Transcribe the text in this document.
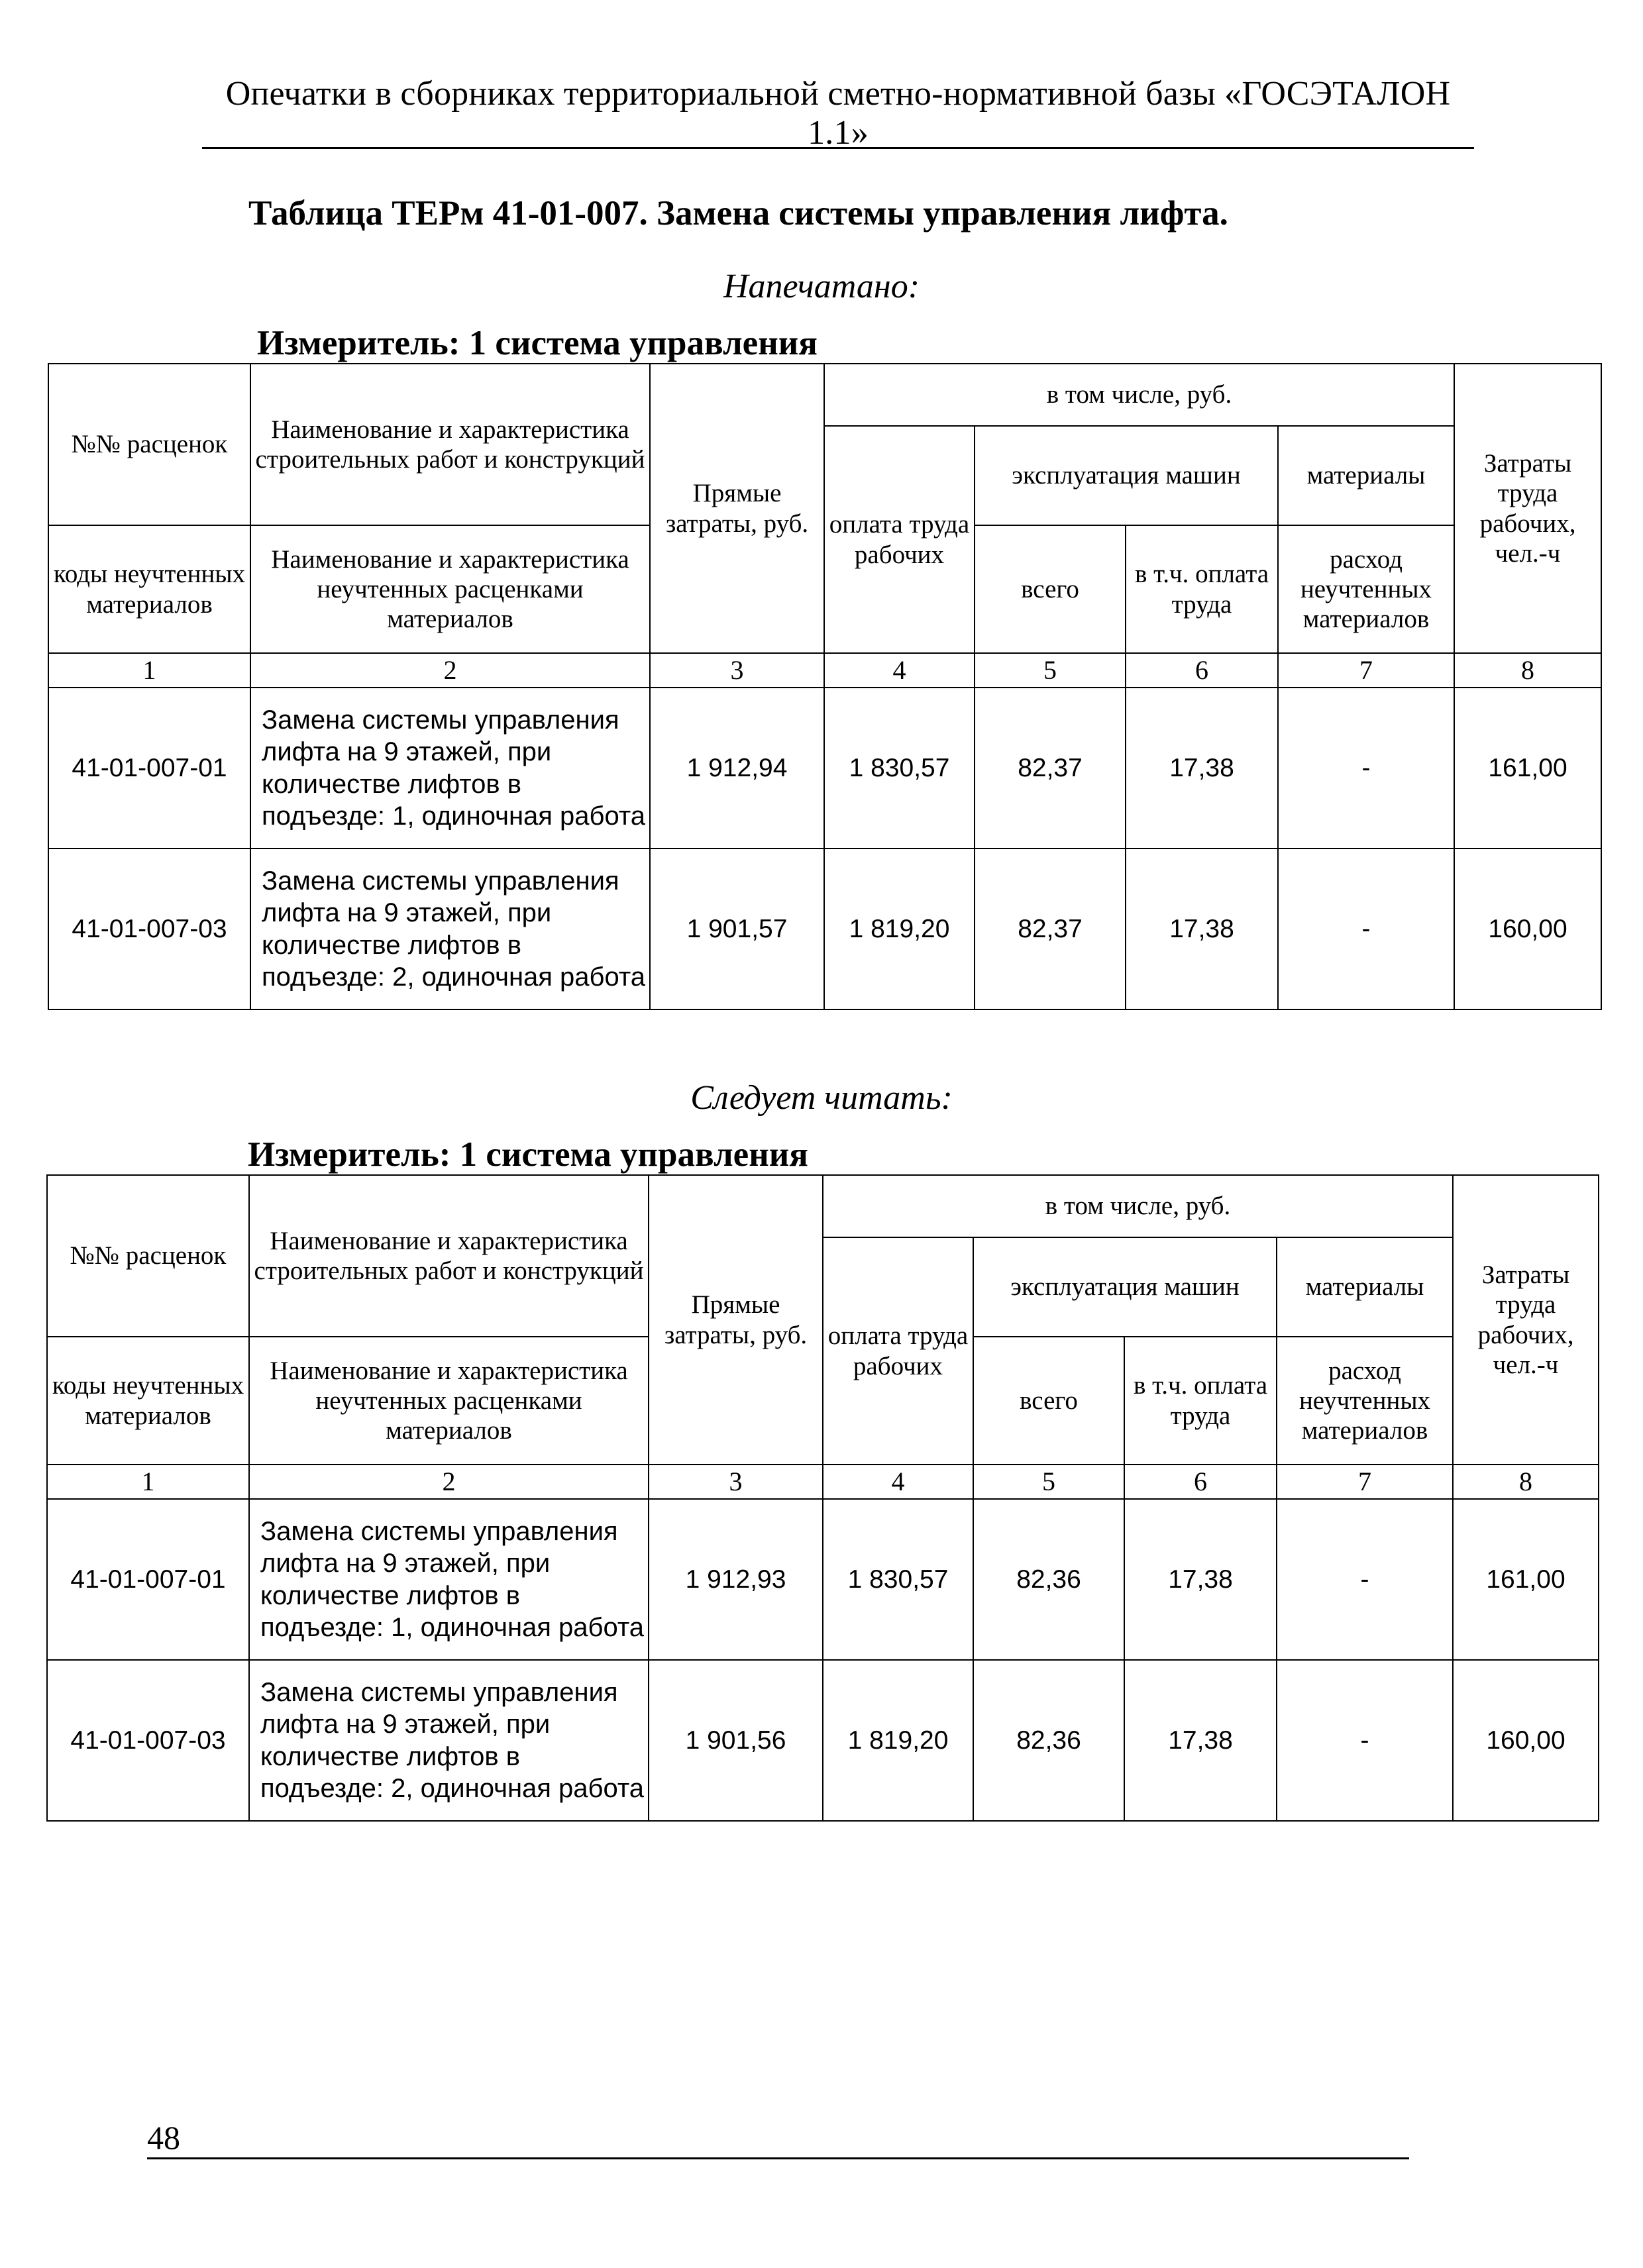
Опечатки в сборниках территориальной сметно-нормативной базы «ГОСЭТАЛОН 1.1»
Таблица ТЕРм 41-01-007. Замена системы управления лифта.
Напечатано:
Измеритель: 1 система управления
№№ расценок	Наименование и характеристика строительных работ и конструкций	Прямые затраты, руб.	в том числе, руб.				Затраты труда рабочих, чел.-ч
			оплата труда рабочих	эксплуатация машин		материалы	
коды неучтенных материалов	Наименование и характеристика неучтенных расценками материалов			всего	в т.ч. оплата труда	расход неучтенных материалов	
1	2	3	4	5	6	7	8
41-01-007-01	Замена системы управления лифта на 9 этажей, при количестве лифтов в подъезде: 1, одиночная работа	1 912,94	1 830,57	82,37	17,38	-	161,00
41-01-007-03	Замена системы управления лифта на 9 этажей, при количестве лифтов в подъезде: 2, одиночная работа	1 901,57	1 819,20	82,37	17,38	-	160,00
Следует читать:
Измеритель: 1 система управления
№№ расценок	Наименование и характеристика строительных работ и конструкций	Прямые затраты, руб.	в том числе, руб.				Затраты труда рабочих, чел.-ч
			оплата труда рабочих	эксплуатация машин		материалы	
коды неучтенных материалов	Наименование и характеристика неучтенных расценками материалов			всего	в т.ч. оплата труда	расход неучтенных материалов	
1	2	3	4	5	6	7	8
41-01-007-01	Замена системы управления лифта на 9 этажей, при количестве лифтов в подъезде: 1, одиночная работа	1 912,93	1 830,57	82,36	17,38	-	161,00
41-01-007-03	Замена системы управления лифта на 9 этажей, при количестве лифтов в подъезде: 2, одиночная работа	1 901,56	1 819,20	82,36	17,38	-	160,00
48
